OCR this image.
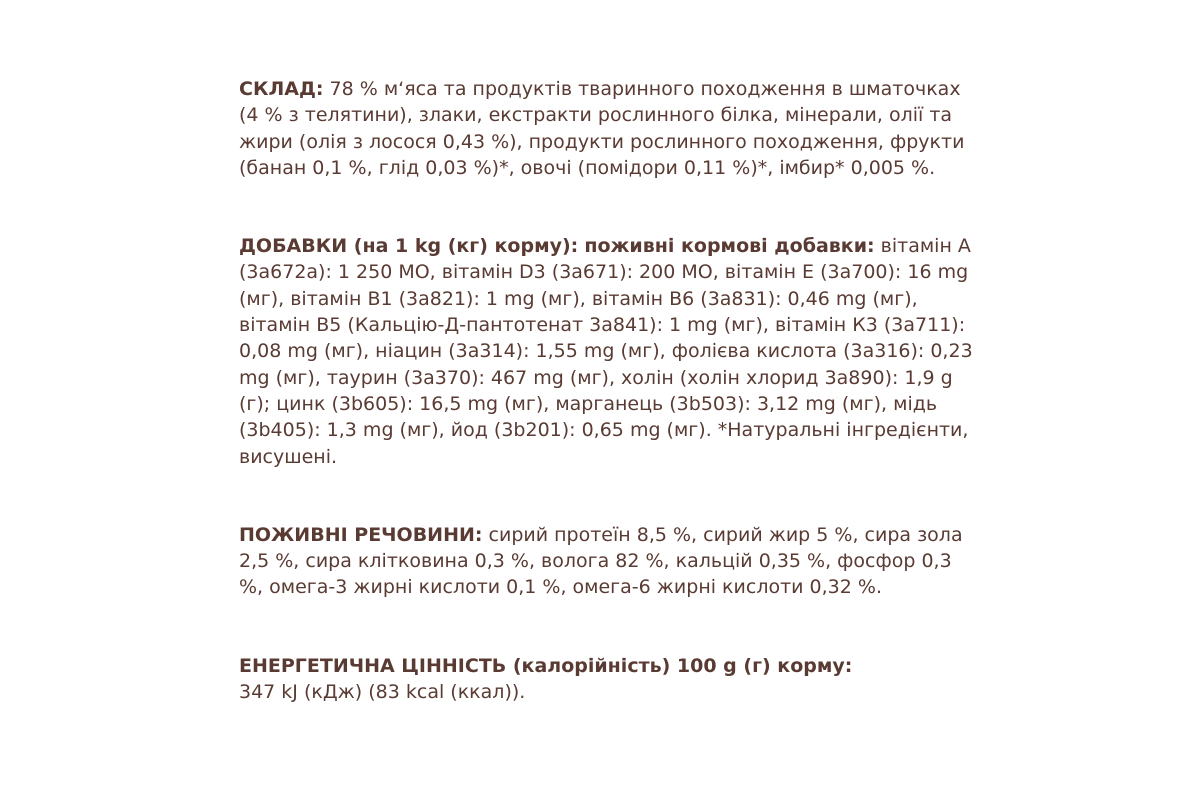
СКЛАД: 78 % м‘яса та продуктів тваринного походження в шматочках (4 % з телятини), злаки, екстракти рослинного білка, мінерали, олії та жири (олія з лосося 0,43 %), продукти рослинного походження, фрукти (банан 0,1 %, глід 0,03 %)*, овочі (помідори 0,11 %)*, імбир* 0,005 %.

ДОБАВКИ (на 1 kg (кг) корму): поживні кормові добавки: вітамін А (3a672a): 1 250 МО, вітамін D3 (3a671): 200 МО, вітамін Е (3a700): 16 mg (мг), вітамін В1 (3a821): 1 mg (мг), вітамін В6 (3a831): 0,46 mg (мг), вітамін В5 (Кальцію-Д-пантотенат 3a841): 1 mg (мг), вітамін К3 (3a711): 0,08 mg (мг), ніацин (3a314): 1,55 mg (мг), фолієва кислота (3a316): 0,23 mg (мг), таурин (3a370): 467 mg (мг), холін (холін хлорид 3a890): 1,9 g (г); цинк (3b605): 16,5 mg (мг), марганець (3b503): 3,12 mg (мг), мідь (3b405): 1,3 mg (мг), йод (3b201): 0,65 mg (мг). *Натуральні інгредієнти, висушені.

ПОЖИВНІ РЕЧОВИНИ: сирий протеїн 8,5 %, сирий жир 5 %, сира зола 2,5 %, сира клітковина 0,3 %, волога 82 %, кальцій 0,35 %, фосфор 0,3 %, омега-3 жирні кислоти 0,1 %, омега-6 жирні кислоти 0,32 %.

ЕНЕРГЕТИЧНА ЦІННІСТЬ (калорійність) 100 g (г) корму:
347 kJ (кДж) (83 kcal (ккал)).
